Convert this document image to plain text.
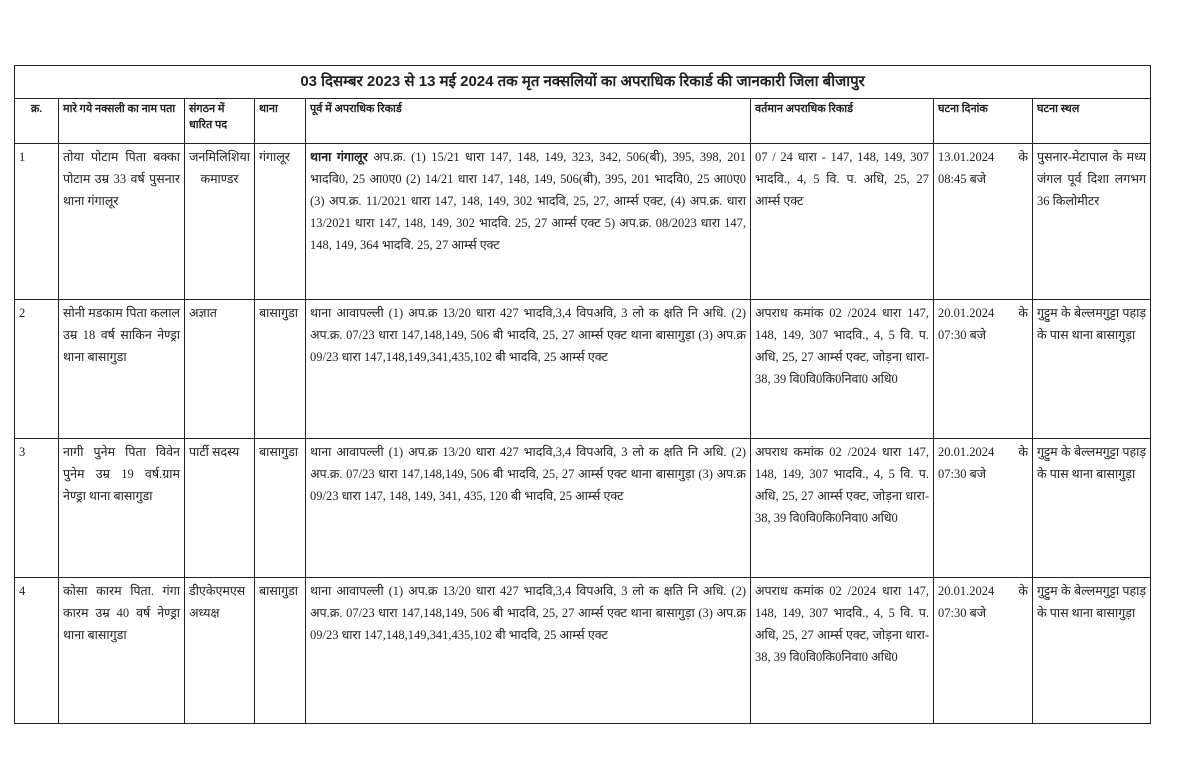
03 दिसम्बर 2023 से 13 मई 2024 तक मृत नक्सलियों का अपराधिक रिकार्ड की जानकारी जिला बीजापुर							
क्र.	मारे गये नक्सली का नाम पता	संगठन में धारित पद	थाना	पूर्व में अपराधिक रिकार्ड	वर्तमान अपराधिक रिकार्ड	घटना दिनांक	घटना स्थल
1	तोया पोटाम पिता बक्का पोटाम उम्र 33 वर्ष पुसनार थाना गंगालूर	जनमिलिशिया कमाण्डर	गंगालूर	थाना गंगालूर अप.क्र. (1) 15/21 धारा 147, 148, 149, 323, 342, 506(बी), 395, 398, 201 भादवि0, 25 आ0ए0 (2) 14/21 धारा 147, 148, 149, 506(बी), 395, 201 भादवि0, 25 आ0ए0 (3) अप.क्र. 11/2021 धारा 147, 148, 149, 302 भादवि, 25, 27, आर्म्स एक्ट, (4) अप.क्र. धारा 13/2021 धारा 147, 148, 149, 302 भादवि. 25, 27 आर्म्स एक्ट 5) अप.क्र. 08/2023 धारा 147, 148, 149, 364 भादवि. 25, 27 आर्म्स एक्ट	07 / 24 धारा - 147, 148, 149, 307 भादवि., 4, 5 वि. प. अधि, 25, 27 आर्म्स एक्ट	13.01.2024 के 08:45 बजे	पुसनार-मेटापाल के मध्य जंगल पूर्व दिशा लगभग 36 किलोमीटर
2	सोनी मडकाम पिता कलाल उम्र 18 वर्ष साकिन नेण्ड्रा थाना बासागुडा	अज्ञात	बासागुडा	थाना आवापल्ली (1) अप.क्र 13/20 धारा 427 भादवि,3,4 विपअवि, 3 लो क क्षति नि अधि. (2) अप.क्र. 07/23 धारा 147,148,149, 506 बी भादवि, 25, 27 आर्म्स एक्ट थाना बासागुड़ा (3) अप.क्र 09/23 धारा 147,148,149,341,435,102 बी भादवि, 25 आर्म्स एक्ट	अपराध कमांक 02 /2024 धारा 147, 148, 149, 307 भादवि., 4, 5 वि. प. अधि, 25, 27 आर्म्स एक्ट, जोड़ना धारा- 38, 39 वि0वि0कि0निवा0 अधि0	20.01.2024 के 07:30 बजे	गुट्टुम के बेल्लमगुट्टा पहाड़ के पास थाना बासागुड़ा
3	नागी पुनेम पिता विवेन पुनेम उम्र 19 वर्ष.ग्राम नेण्ड्रा थाना बासागुडा	पार्टी सदस्य	बासागुडा	थाना आवापल्ली (1) अप.क्र 13/20 धारा 427 भादवि,3,4 विपअवि, 3 लो क क्षति नि अधि. (2) अप.क्र. 07/23 धारा 147,148,149, 506 बी भादवि, 25, 27 आर्म्स एक्ट थाना बासागुड़ा (3) अप.क्र 09/23 धारा 147, 148, 149, 341, 435, 120 बी भादवि, 25 आर्म्स एक्ट	अपराध कमांक 02 /2024 धारा 147, 148, 149, 307 भादवि., 4, 5 वि. प. अधि, 25, 27 आर्म्स एक्ट, जोड़ना धारा- 38, 39 वि0वि0कि0निवा0 अधि0	20.01.2024 के 07:30 बजे	गुट्टुम के बेल्लमगुट्टा पहाड़ के पास थाना बासागुड़ा
4	कोसा कारम पिता. गंगा कारम उम्र 40 वर्ष नेण्ड्रा थाना बासागुडा	डीएकेएमएस अध्यक्ष	बासागुडा	थाना आवापल्ली (1) अप.क्र 13/20 धारा 427 भादवि,3,4 विपअवि, 3 लो क क्षति नि अधि. (2) अप.क्र. 07/23 धारा 147,148,149, 506 बी भादवि, 25, 27 आर्म्स एक्ट थाना बासागुड़ा (3) अप.क्र 09/23 धारा 147,148,149,341,435,102 बी भादवि, 25 आर्म्स एक्ट	अपराध कमांक 02 /2024 धारा 147, 148, 149, 307 भादवि., 4, 5 वि. प. अधि, 25, 27 आर्म्स एक्ट, जोड़ना धारा- 38, 39 वि0वि0कि0निवा0 अधि0	20.01.2024 के 07:30 बजे	गुट्टुम के बेल्लमगुट्टा पहाड़ के पास थाना बासागुड़ा
